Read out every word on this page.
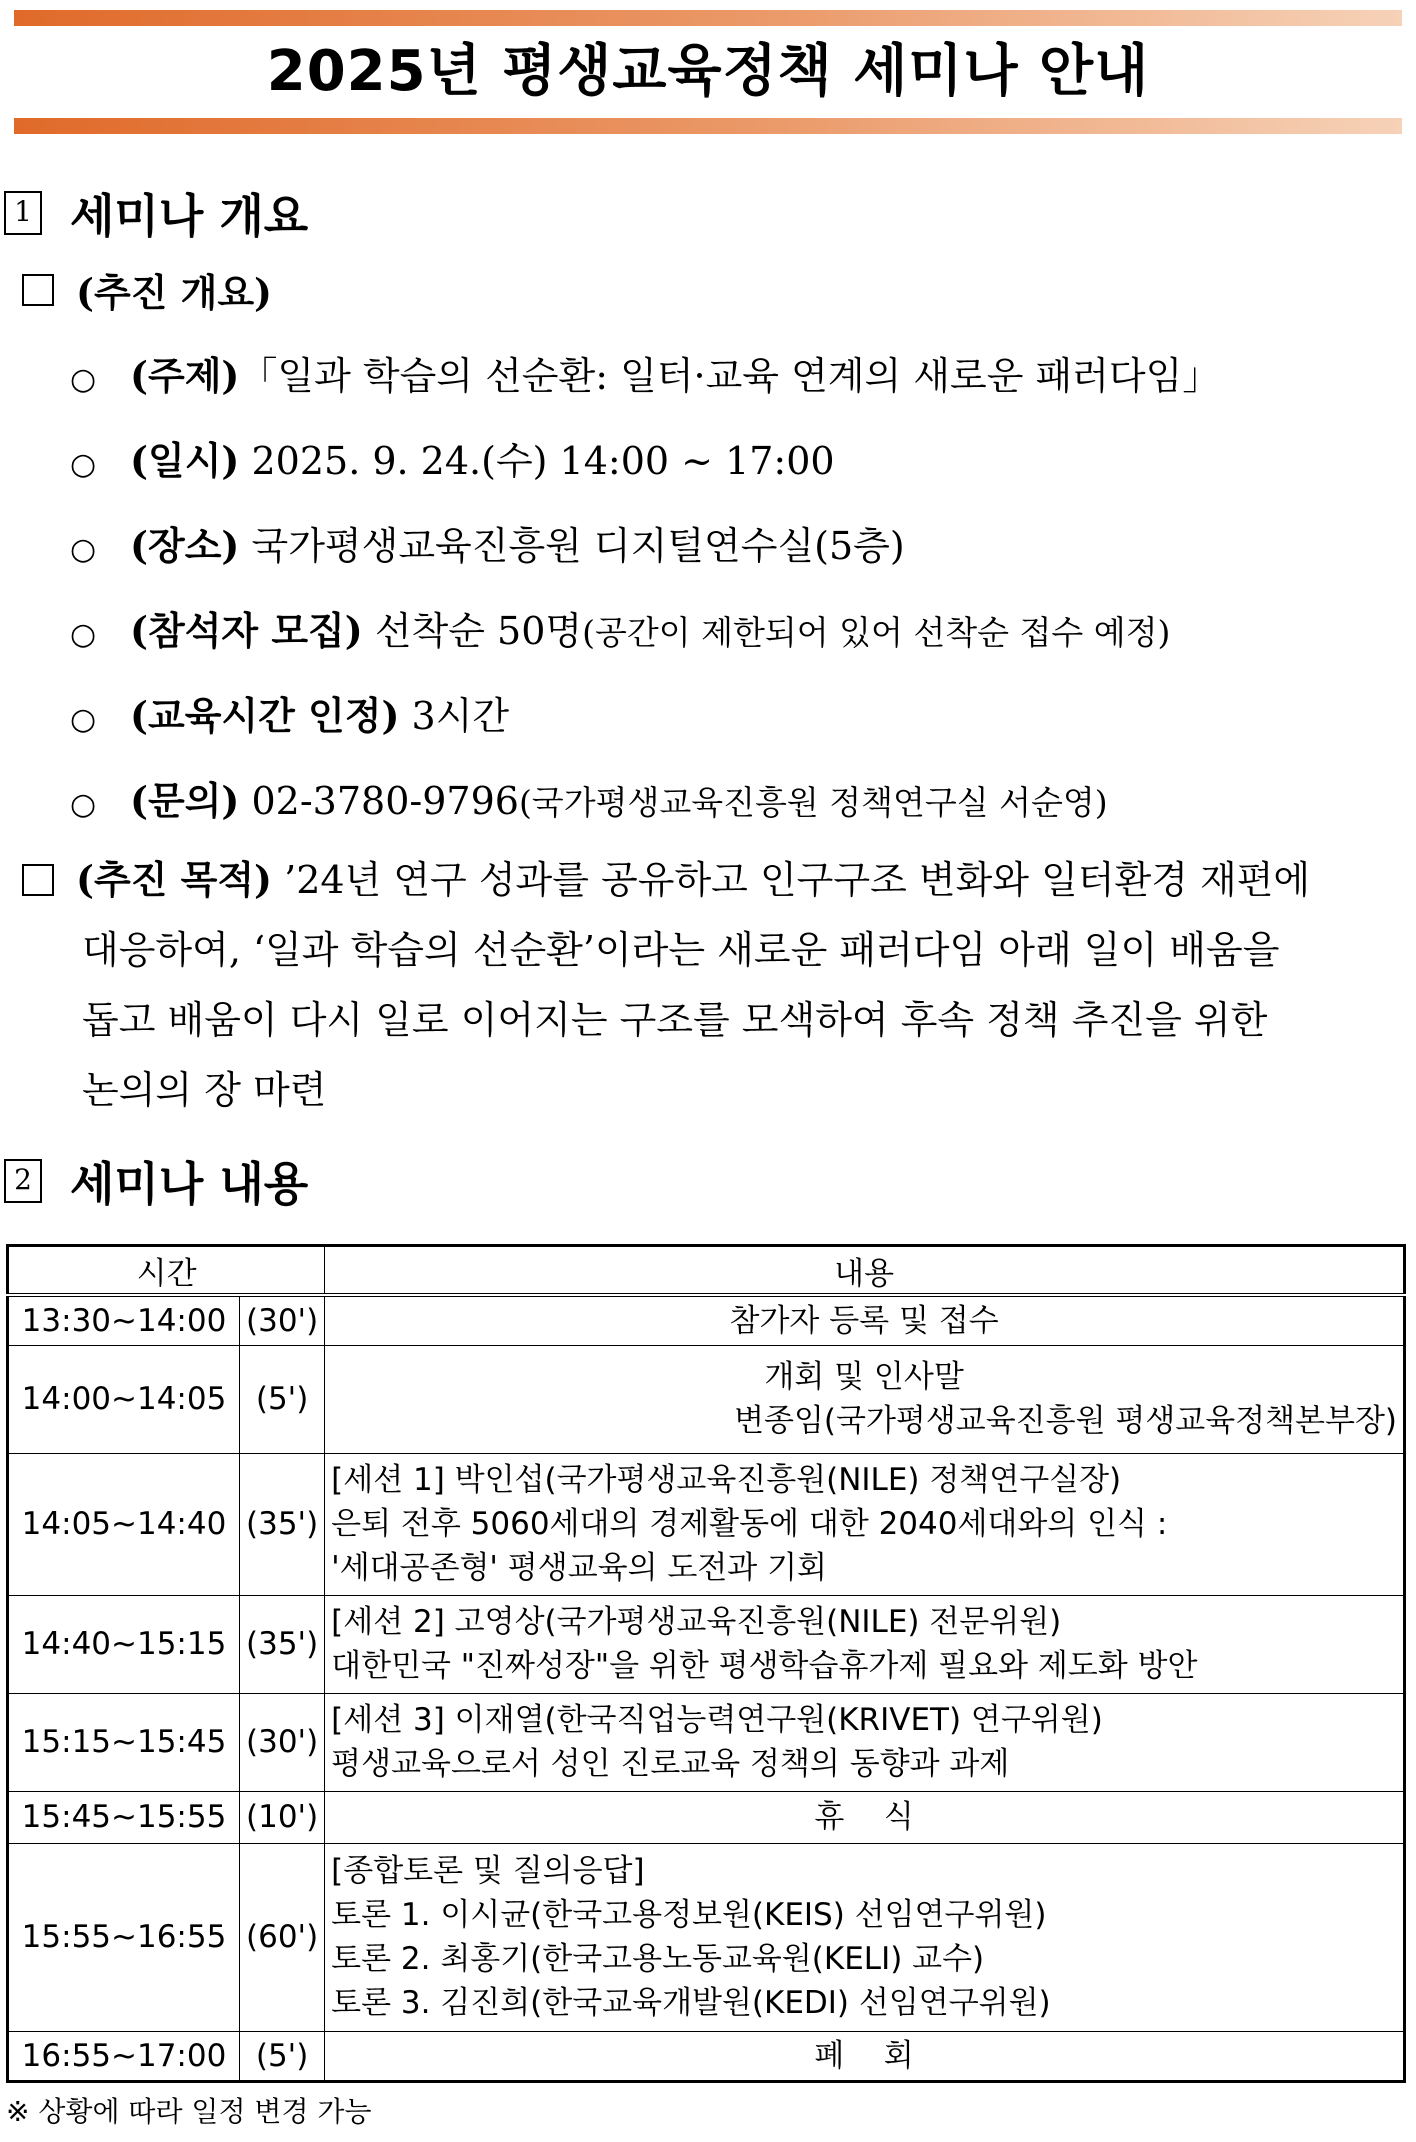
2025년 평생교육정책 세미나 안내
1 세미나 개요
(추진 개요)
○ (주제) 「일과 학습의 선순환: 일터·교육 연계의 새로운 패러다임」
○ (일시)
2025. 9. 24.(수) 14:00 ~ 17:00
○ (장소)
국가평생교육진흥원 디지털연수실(5층)
○ (참석자 모집)
선착순 50명 (공간이 제한되어 있어 선착순 접수 예정)
○ (교육시간 인정)
3시간
○ (문의)
02-3780-9796 (국가평생교육진흥원 정책연구실 서순영)
(추진 목적)
’24년 연구 성과를 공유하고 인구구조 변화와 일터환경 재편에
대응하여, ‘일과 학습의 선순환’이라는 새로운 패러다임 아래 일이 배움을
돕고 배움이 다시 일로 이어지는 구조를 모색하여 후속 정책 추진을 위한
논의의 장 마련
2 세미나 내용
시간		내용
13:30~14:00	(30')	참가자 등록 및 접수

14:00~14:05	(5')	개회 및 인사말
변종임(국가평생교육진흥원 평생교육정책본부장)

14:05~14:40	(35')	[세션 1] 박인섭(국가평생교육진흥원(NILE) 정책연구실장)
은퇴 전후 5060세대의 경제활동에 대한 2040세대와의 인식 :
'세대공존형' 평생교육의 도전과 기회

14:40~15:15	(35')	[세션 2] 고영상(국가평생교육진흥원(NILE) 전문위원)
대한민국 "진짜성장"을 위한 평생학습휴가제 필요와 제도화 방안

15:15~15:45	(30')	[세션 3] 이재열(한국직업능력연구원(KRIVET) 연구위원)
평생교육으로서 성인 진로교육 정책의 동향과 과제

15:45~15:55	(10')	휴    식

15:55~16:55	(60')	[종합토론 및 질의응답]
토론 1. 이시균(한국고용정보원(KEIS) 선임연구위원)
토론 2. 최홍기(한국고용노동교육원(KELI) 교수)
토론 3. 김진희(한국교육개발원(KEDI) 선임연구위원)

16:55~17:00	(5')	폐    회
※ 상황에 따라 일정 변경 가능
